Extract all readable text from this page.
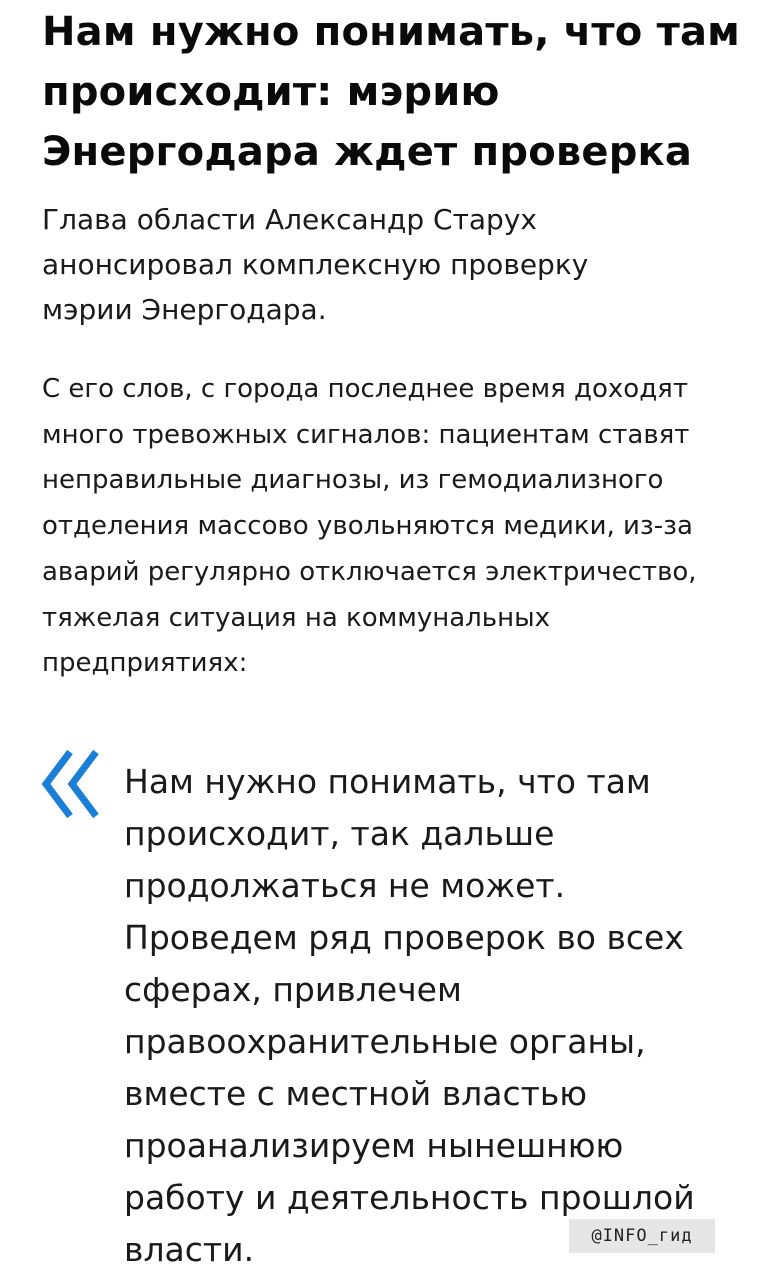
Нам нужно понимать, что там происходит: мэрию Энергодара ждет проверка

Глава области Александр Старух анонсировал комплексную проверку мэрии Энергодара.

С его слов, с города последнее время доходят много тревожных сигналов: пациентам ставят неправильные диагнозы, из гемодиализного отделения массово увольняются медики, из-за аварий регулярно отключается электричество, тяжелая ситуация на коммунальных предприятиях:

Нам нужно понимать, что там происходит, так дальше продолжаться не может. Проведем ряд проверок во всех сферах, привлечем правоохранительные органы, вместе с местной властью проанализируем нынешнюю работу и деятельность прошлой власти.	@INFO_гид
